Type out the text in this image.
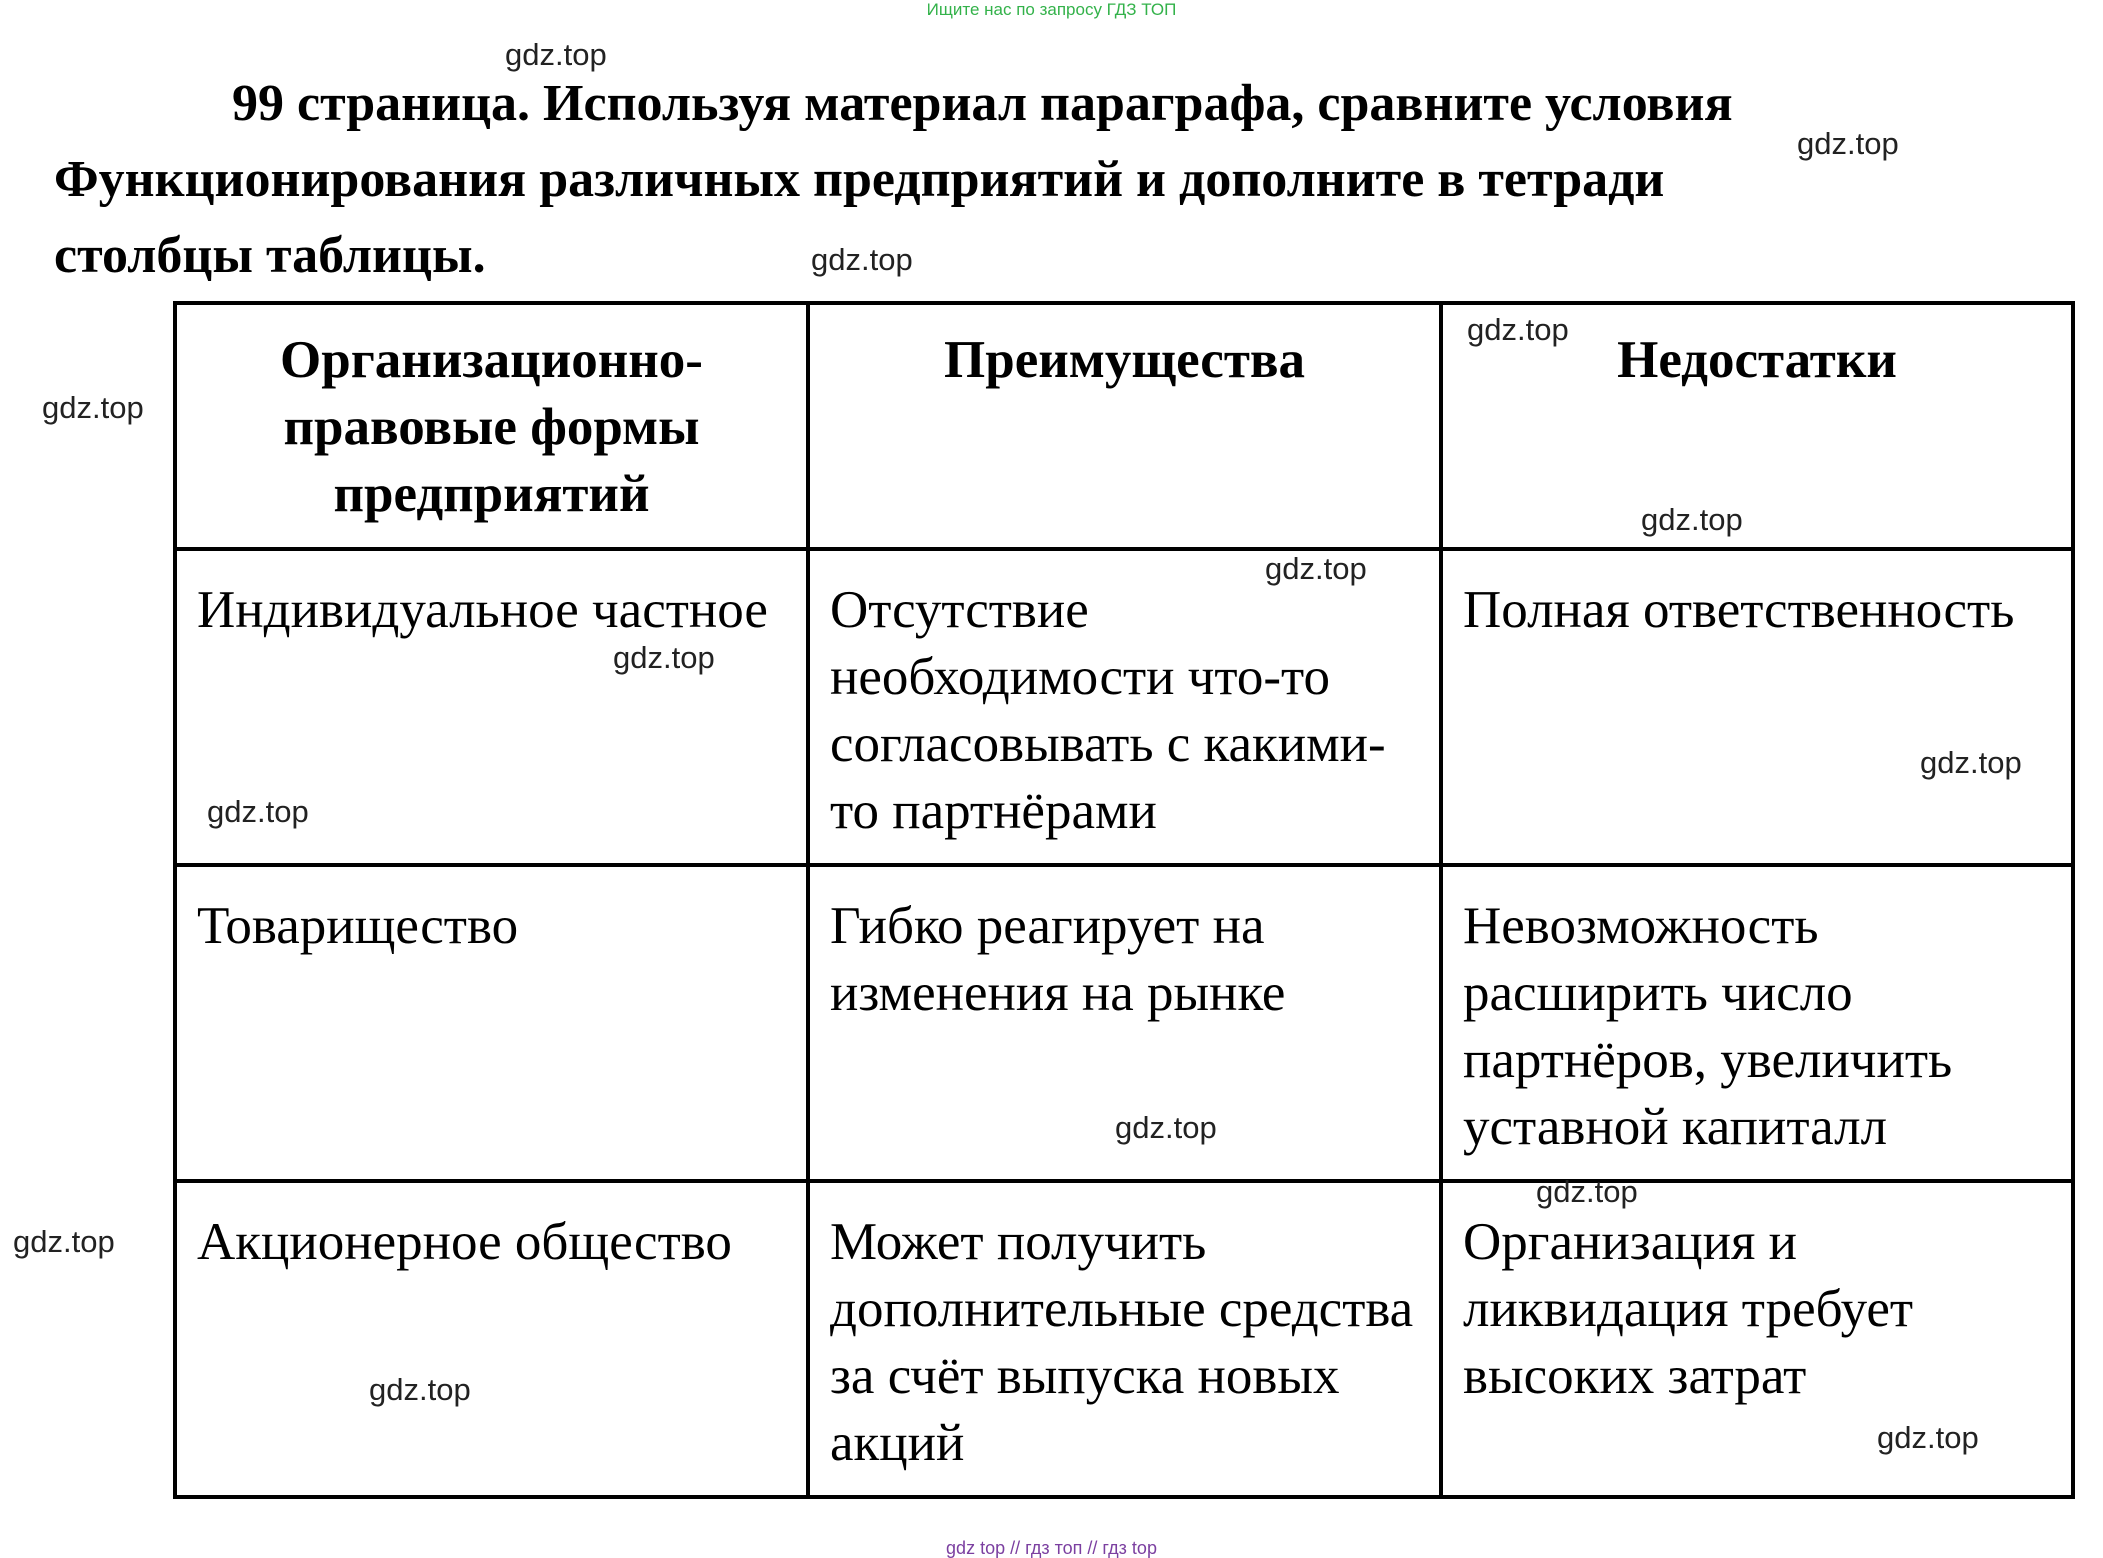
Ищите нас по запросу ГДЗ ТОП
99 страница. Используя материал параграфа, сравните условия
Функционирования различных предприятий и дополните в тетради
столбцы таблицы.
Организационно-правовые формы предприятий	Преимущества	Недостатки
Индивидуальное частное	Отсутствие необходимости что-то согласовывать с какими-то партнёрами	Полная ответственность
Товарищество	Гибко реагирует на изменения на рынке	Невозможность расширить число партнёров, увеличить уставной капиталл
Акционерное общество	Может получить дополнительные средства за счёт выпуска новых акций	Организация и ликвидация требует высоких затрат
gdz.top
gdz.top
gdz.top
gdz.top
gdz.top
gdz.top
gdz.top
gdz.top
gdz.top
gdz.top
gdz.top
gdz.top
gdz.top
gdz.top
gdz.top
gdz top // гдз топ // гдз top
